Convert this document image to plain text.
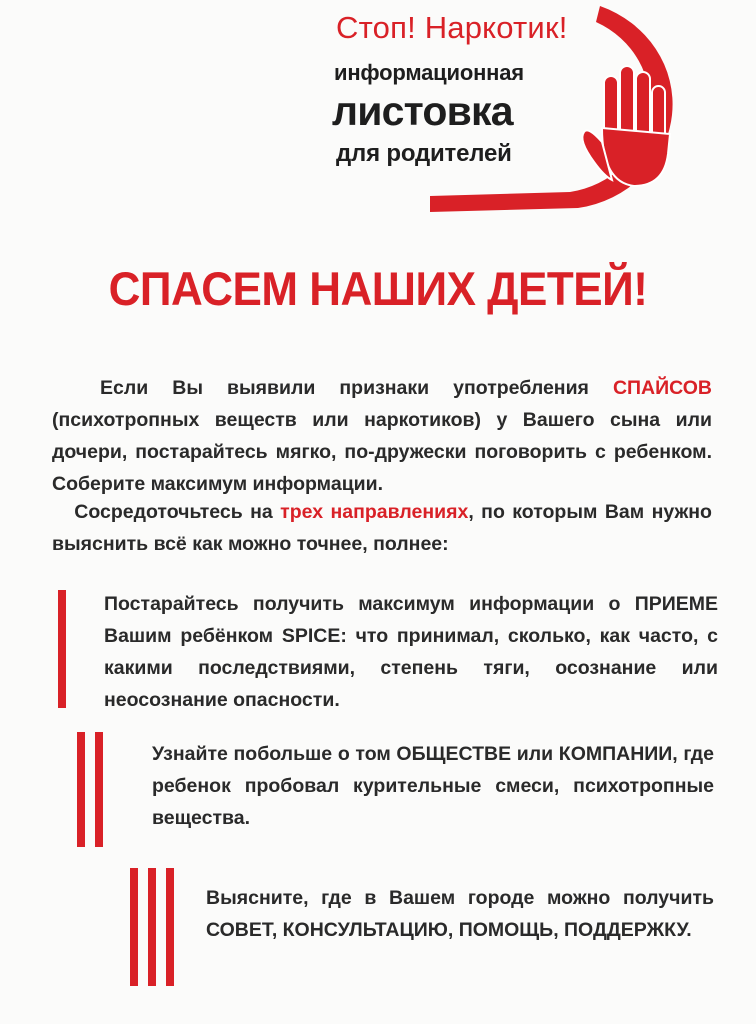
Стоп! Наркотик!
информационная
листовка
для родителей
СПАСЕМ НАШИХ ДЕТЕЙ!
Если Вы выявили признаки употребления СПАЙСОВ (психотропных веществ или наркотиков) у Вашего сына или дочери, постарайтесь мягко, по-дружески поговорить с ребенком. Соберите максимум информации.
Сосредоточьтесь на трех направлениях, по которым Вам нужно выяснить всё как можно точнее, полнее:
Постарайтесь получить максимум информации о ПРИЕМЕ Вашим ребёнком SPICE: что принимал, сколько, как часто, с какими последствиями, степень тяги, осознание или неосознание опасности.
Узнайте побольше о том ОБЩЕСТВЕ или КОМПАНИИ, где ребенок пробовал курительные смеси, психотропные вещества.
Выясните, где в Вашем городе можно получить СОВЕТ, КОНСУЛЬТАЦИЮ, ПОМОЩЬ, ПОДДЕРЖКУ.
